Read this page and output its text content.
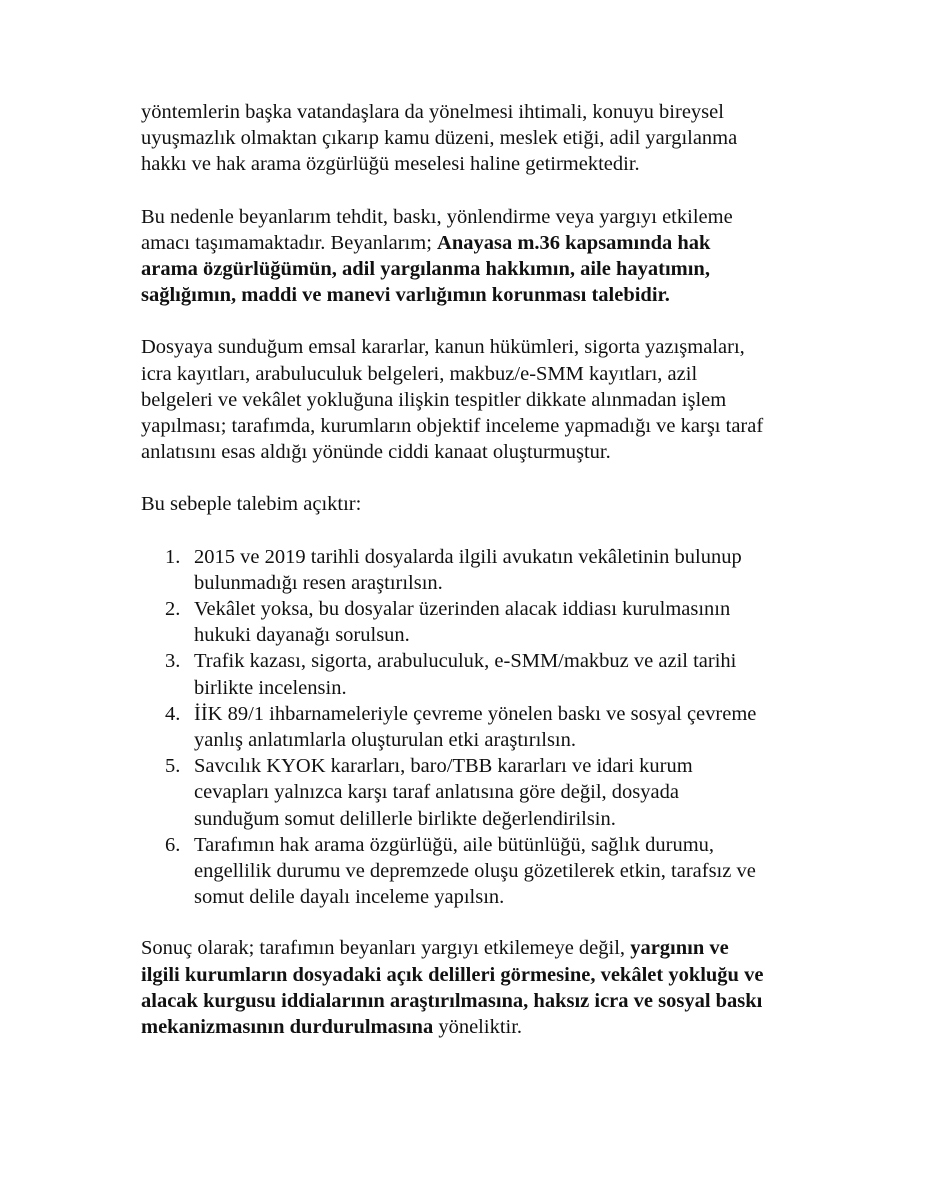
yöntemlerin başka vatandaşlara da yönelmesi ihtimali, konuyu bireysel uyuşmazlık olmaktan çıkarıp kamu düzeni, meslek etiği, adil yargılanma hakkı ve hak arama özgürlüğü meselesi haline getirmektedir.

Bu nedenle beyanlarım tehdit, baskı, yönlendirme veya yargıyı etkileme amacı taşımamaktadır. Beyanlarım; Anayasa m.36 kapsamında hak arama özgürlüğümün, adil yargılanma hakkımın, aile hayatımın, sağlığımın, maddi ve manevi varlığımın korunması talebidir.

Dosyaya sunduğum emsal kararlar, kanun hükümleri, sigorta yazışmaları, icra kayıtları, arabuluculuk belgeleri, makbuz/e-SMM kayıtları, azil belgeleri ve vekâlet yokluğuna ilişkin tespitler dikkate alınmadan işlem yapılması; tarafımda, kurumların objektif inceleme yapmadığı ve karşı taraf anlatısını esas aldığı yönünde ciddi kanaat oluşturmuştur.

Bu sebeple talebim açıktır:

1. 2015 ve 2019 tarihli dosyalarda ilgili avukatın vekâletinin bulunup bulunmadığı resen araştırılsın.
2. Vekâlet yoksa, bu dosyalar üzerinden alacak iddiası kurulmasının hukuki dayanağı sorulsun.
3. Trafik kazası, sigorta, arabuluculuk, e-SMM/makbuz ve azil tarihi birlikte incelensin.
4. İİK 89/1 ihbarnameleriyle çevreme yönelen baskı ve sosyal çevreme yanlış anlatımlarla oluşturulan etki araştırılsın.
5. Savcılık KYOK kararları, baro/TBB kararları ve idari kurum cevapları yalnızca karşı taraf anlatısına göre değil, dosyada sunduğum somut delillerle birlikte değerlendirilsin.
6. Tarafımın hak arama özgürlüğü, aile bütünlüğü, sağlık durumu, engellilik durumu ve depremzede oluşu gözetilerek etkin, tarafsız ve somut delile dayalı inceleme yapılsın.

Sonuç olarak; tarafımın beyanları yargıyı etkilemeye değil, yargının ve ilgili kurumların dosyadaki açık delilleri görmesine, vekâlet yokluğu ve alacak kurgusu iddialarının araştırılmasına, haksız icra ve sosyal baskı mekanizmasının durdurulmasına yöneliktir.
